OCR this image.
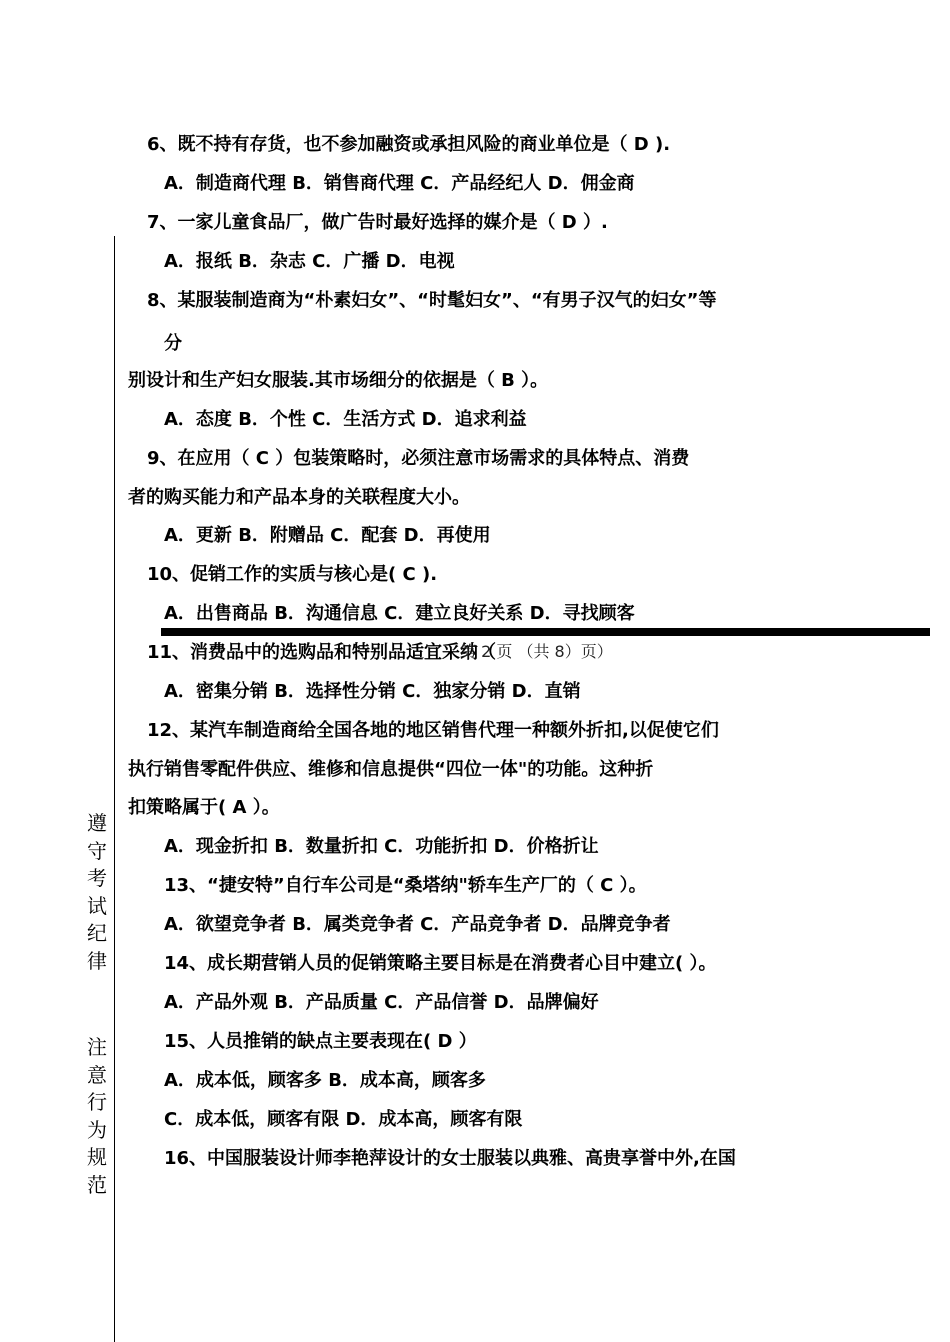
遵
守
考
试
纪
律
注
意
行
为
规
范
6、既不持有存货，也不参加融资或承担风险的商业单位是（ D ).
A．制造商代理 B．销售商代理 C．产品经纪人 D．佣金商
7、一家儿童食品厂，做广告时最好选择的媒介是（ D ）.
A．报纸 B．杂志 C．广播 D．电视
8、某服装制造商为“朴素妇女”、“时髦妇女”、“有男子汉气的妇女”等
分
别设计和生产妇女服装.其市场细分的依据是（ B ）。
A．态度 B．个性 C．生活方式 D．追求利益
9、在应用（ C ）包装策略时，必须注意市场需求的具体特点、消费
者的购买能力和产品本身的关联程度大小。
A．更新 B．附赠品 C．配套 D．再使用
10、促销工作的实质与核心是( C ).
A．出售商品 B．沟通信息 C．建立良好关系 D．寻找顾客
11、消费品中的选购品和特别品适宜采纳（
第 2 页 （共 8）页）
A．密集分销 B．选择性分销 C．独家分销 D．直销
12、某汽车制造商给全国各地的地区销售代理一种额外折扣,以促使它们
执行销售零配件供应、维修和信息提供“四位一体"的功能。这种折
扣策略属于( A ）。
A．现金折扣 B．数量折扣 C．功能折扣 D．价格折让
13、“捷安特”自行车公司是“桑塔纳"轿车生产厂的（ C ）。
A．欲望竞争者 B．属类竞争者 C．产品竞争者 D．品牌竞争者
14、成长期营销人员的促销策略主要目标是在消费者心目中建立( ）。
A．产品外观 B．产品质量 C．产品信誉 D．品牌偏好
15、人员推销的缺点主要表现在( D ）
A．成本低，顾客多 B．成本高，顾客多
C．成本低，顾客有限 D．成本高，顾客有限
16、中国服装设计师李艳萍设计的女士服装以典雅、高贵享誉中外,在国
